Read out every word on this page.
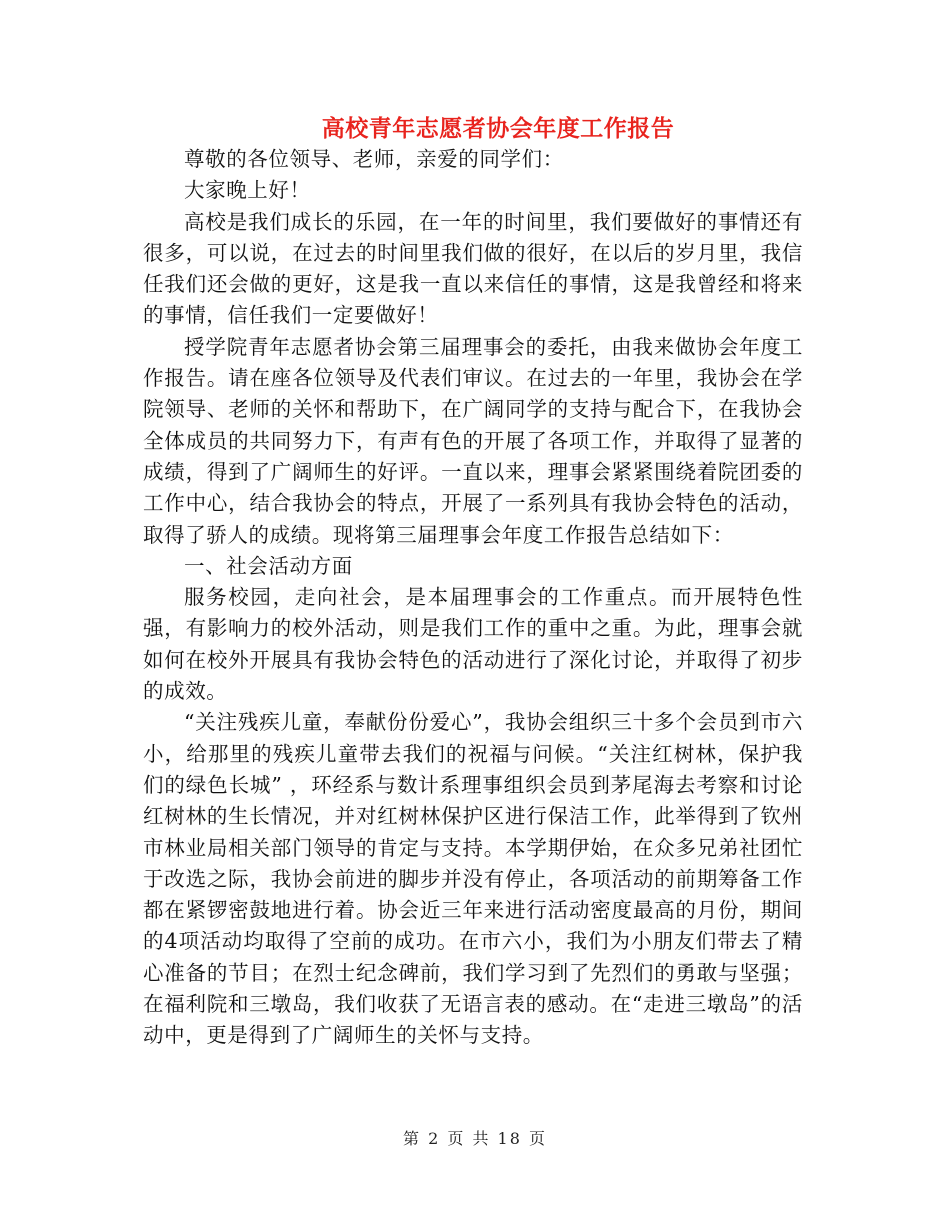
高校青年志愿者协会年度工作报告

尊敬的各位领导、老师，亲爱的同学们：

大家晚上好！

高校是我们成长的乐园，在一年的时间里，我们要做好的事情还有很多，可以说，在过去的时间里我们做的很好，在以后的岁月里，我信任我们还会做的更好，这是我一直以来信任的事情，这是我曾经和将来的事情，信任我们一定要做好！

授学院青年志愿者协会第三届理事会的委托，由我来做协会年度工作报告。请在座各位领导及代表们审议。在过去的一年里，我协会在学院领导、老师的关怀和帮助下，在广阔同学的支持与配合下，在我协会全体成员的共同努力下，有声有色的开展了各项工作，并取得了显著的成绩，得到了广阔师生的好评。一直以来，理事会紧紧围绕着院团委的工作中心，结合我协会的特点，开展了一系列具有我协会特色的活动，取得了骄人的成绩。现将第三届理事会年度工作报告总结如下：

一、社会活动方面

服务校园，走向社会，是本届理事会的工作重点。而开展特色性强，有影响力的校外活动，则是我们工作的重中之重。为此，理事会就如何在校外开展具有我协会特色的活动进行了深化讨论，并取得了初步的成效。

“关注残疾儿童，奉献份份爱心”，我协会组织三十多个会员到市六小，给那里的残疾儿童带去我们的祝福与问候。“关注红树林，保护我们的绿色长城” ，环经系与数计系理事组织会员到茅尾海去考察和讨论红树林的生长情况，并对红树林保护区进行保洁工作，此举得到了钦州市林业局相关部门领导的肯定与支持。本学期伊始，在众多兄弟社团忙于改选之际，我协会前进的脚步并没有停止，各项活动的前期筹备工作都在紧锣密鼓地进行着。协会近三年来进行活动密度最高的月份，期间的4项活动均取得了空前的成功。在市六小，我们为小朋友们带去了精心准备的节目；在烈士纪念碑前，我们学习到了先烈们的勇敢与坚强；在福利院和三墩岛，我们收获了无语言表的感动。在“走进三墩岛”的活动中，更是得到了广阔师生的关怀与支持。

第 2 页 共 18 页
